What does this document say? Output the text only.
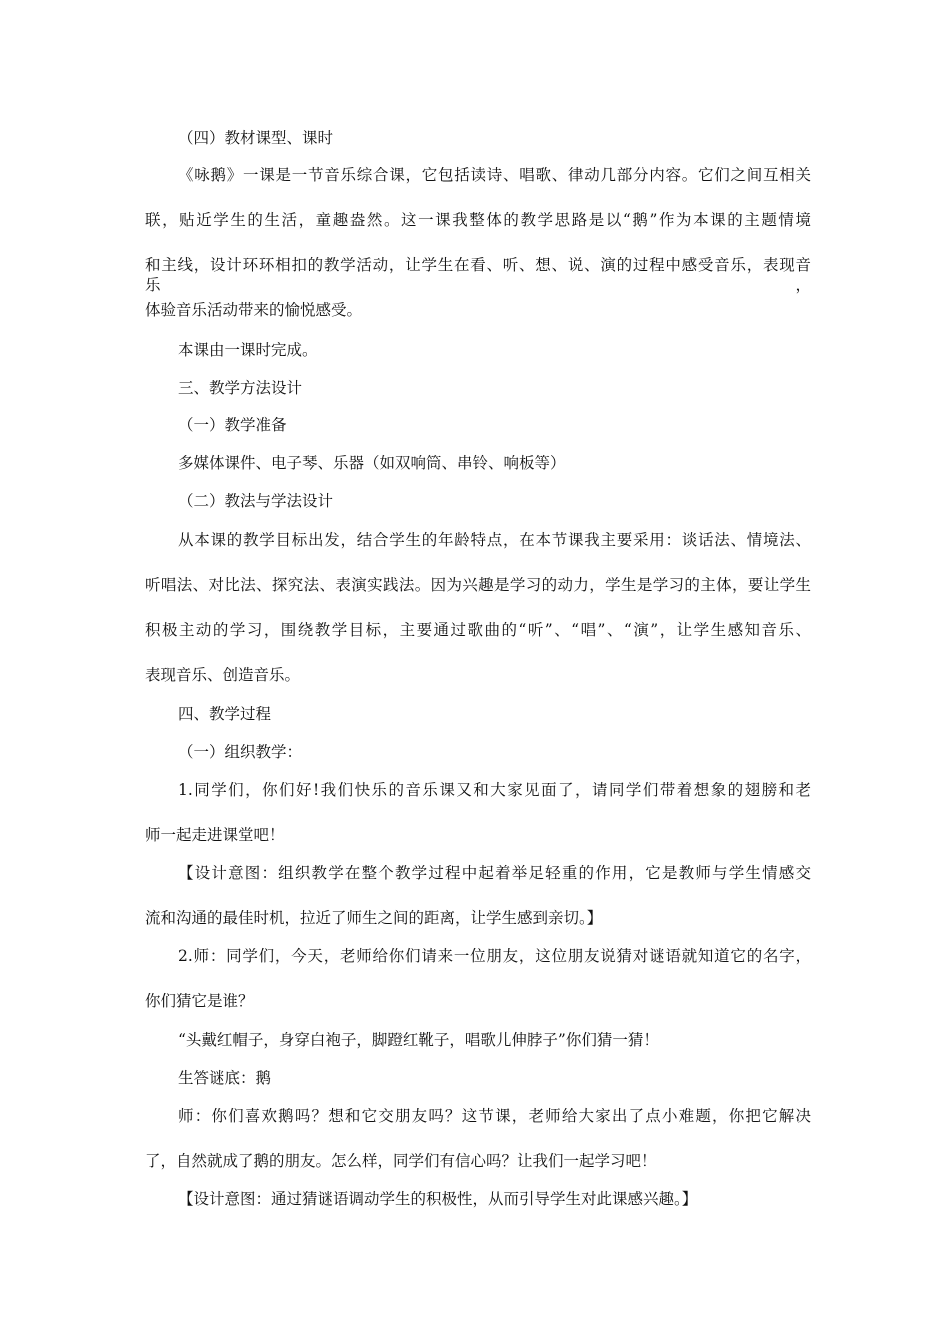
（四）教材课型、课时
《咏鹅》一课是一节音乐综合课，它包括读诗、唱歌、律动几部分内容。它们之间互相关
联，贴近学生的生活，童趣盎然。这一课我整体的教学思路是以“鹅”作为本课的主题情境
和主线，设计环环相扣的教学活动，让学生在看、听、想、说、演的过程中感受音乐，表现音乐，
体验音乐活动带来的愉悦感受。
本课由一课时完成。
三、教学方法设计
（一）教学准备
多媒体课件、电子琴、乐器（如双响筒、串铃、响板等）
（二）教法与学法设计
从本课的教学目标出发，结合学生的年龄特点，在本节课我主要采用：谈话法、情境法、
听唱法、对比法、探究法、表演实践法。因为兴趣是学习的动力，学生是学习的主体，要让学生
积极主动的学习，围绕教学目标，主要通过歌曲的“听”、“唱”、“演”，让学生感知音乐、
表现音乐、创造音乐。
四、教学过程
（一）组织教学：
1.同学们，你们好!我们快乐的音乐课又和大家见面了，请同学们带着想象的翅膀和老
师一起走进课堂吧！
【设计意图：组织教学在整个教学过程中起着举足轻重的作用，它是教师与学生情感交
流和沟通的最佳时机，拉近了师生之间的距离，让学生感到亲切。】
2.师：同学们，今天，老师给你们请来一位朋友，这位朋友说猜对谜语就知道它的名字，
你们猜它是谁？
“头戴红帽子，身穿白袍子，脚蹬红靴子，唱歌儿伸脖子”你们猜一猜！
生答谜底：鹅
师：你们喜欢鹅吗？想和它交朋友吗？这节课，老师给大家出了点小难题，你把它解决
了，自然就成了鹅的朋友。怎么样，同学们有信心吗？让我们一起学习吧！
【设计意图：通过猜谜语调动学生的积极性，从而引导学生对此课感兴趣。】
